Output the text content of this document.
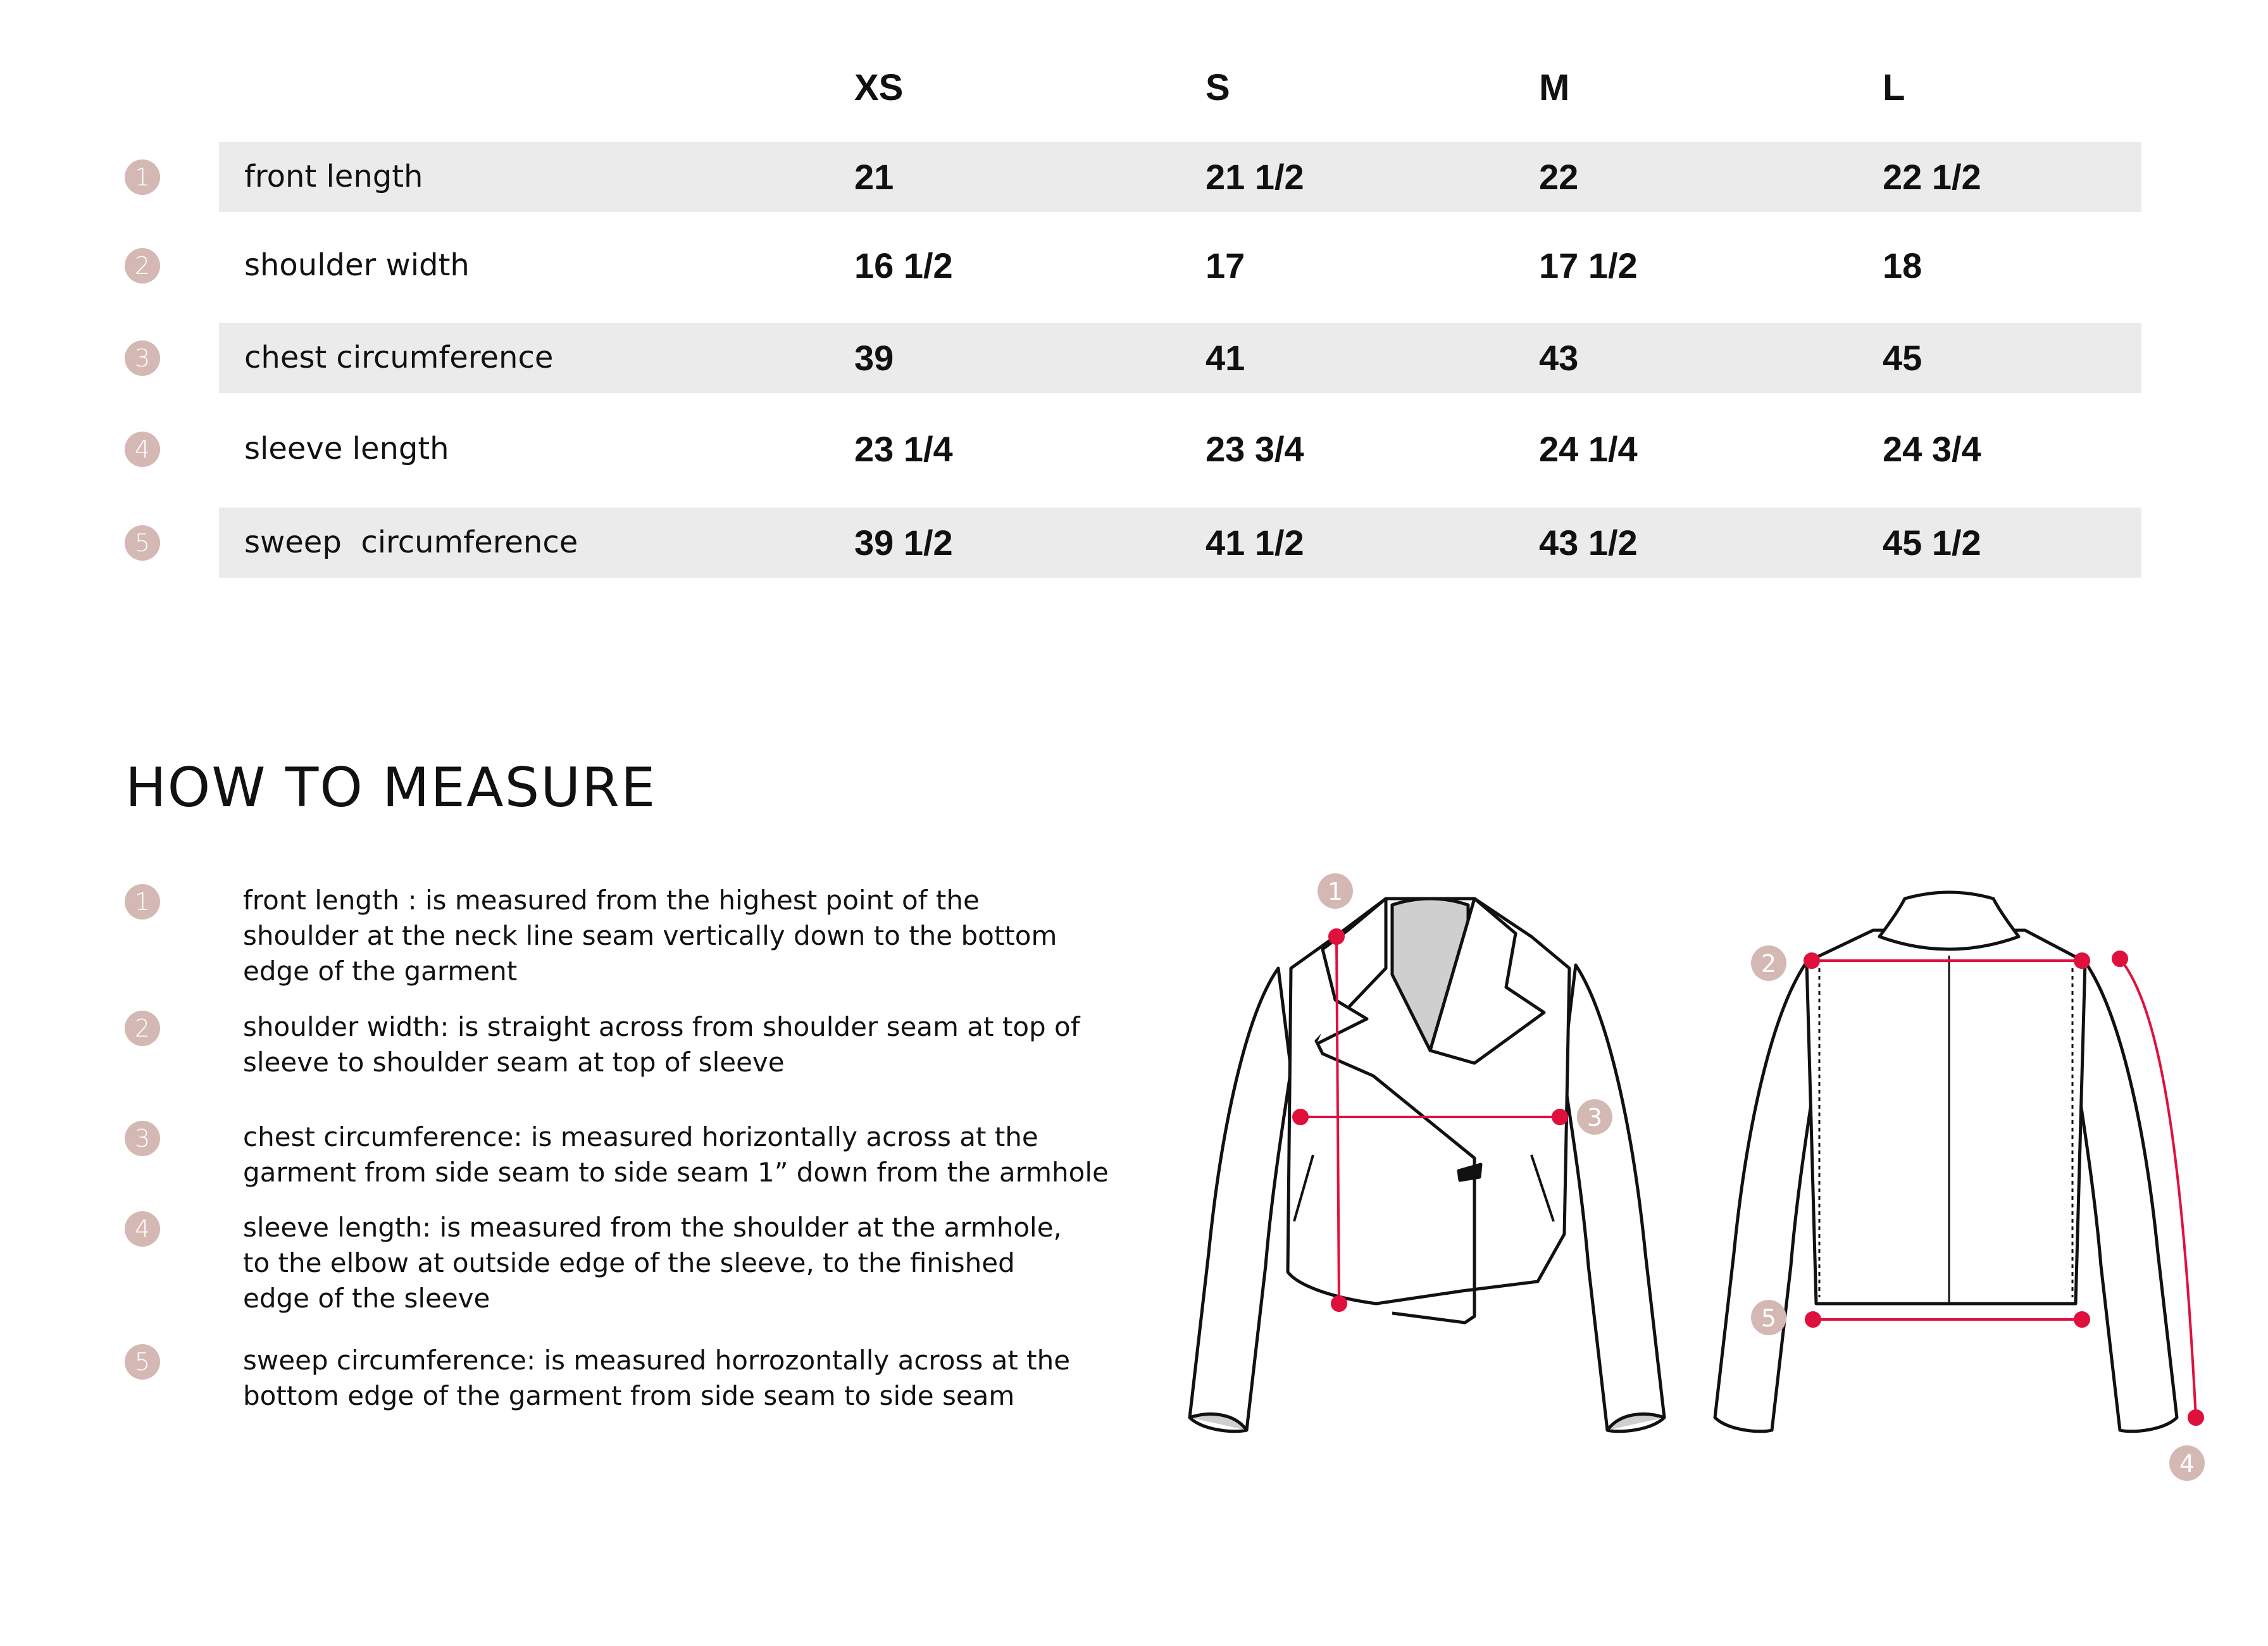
XS	S	M	L
1	front length	21	21 1/2	22	22 1/2
2	shoulder width	16 1/2	17	17 1/2	18
3	chest circumference	39	41	43	45
4	sleeve length	23 1/4	23 3/4	24 1/4	24 3/4
5	sweep  circumference	39 1/2	41 1/2	43 1/2	45 1/2
HOW TO MEASURE
1	front length : is measured from the highest point of the
shoulder at the neck line seam vertically down to the bottom
edge of the garment
2	shoulder width: is straight across from shoulder seam at top of
sleeve to shoulder seam at top of sleeve
3	chest circumference: is measured horizontally across at the
garment from side seam to side seam 1” down from the armhole
4	sleeve length: is measured from the shoulder at the armhole,
to the elbow at outside edge of the sleeve, to the finished
edge of the sleeve
5	sweep circumference: is measured horrozontally across at the
bottom edge of the garment from side seam to side seam
1
3
2
5
4
